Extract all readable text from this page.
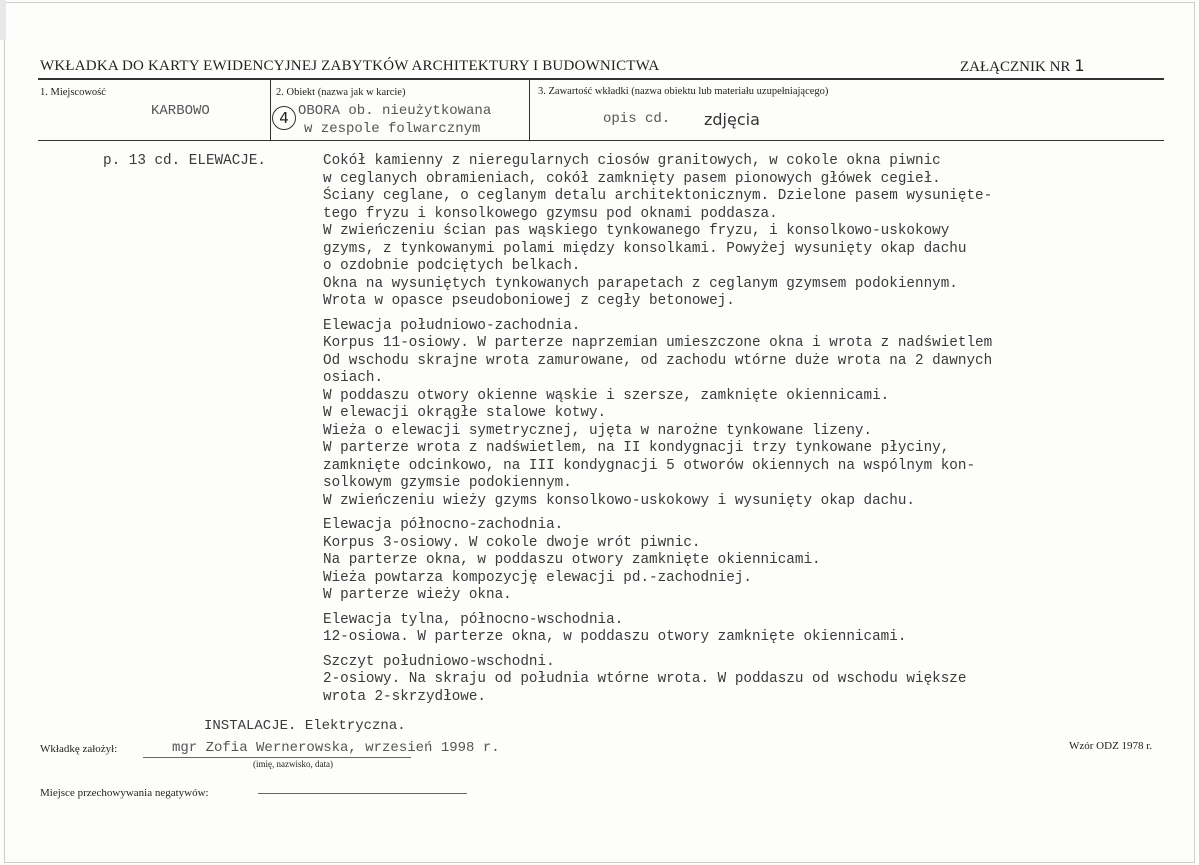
WKŁADKA DO KARTY EWIDENCYJNEJ ZABYTKÓW ARCHITEKTURY I BUDOWNICTWA	ZAŁĄCZNIK NR 1
1. Miejscowość
KARBOWO
2. Obiekt (nazwa jak w karcie)
4 OBORA ob. nieużytkowana
w zespole folwarcznym
3. Zawartość wkładki (nazwa obiektu lub materiału uzupełniającego)
opis cd. zdjęcia
p. 13 cd. ELEWACJE.	Cokół kamienny z nieregularnych ciosów granitowych, w cokole okna piwnic
w ceglanych obramieniach, cokół zamknięty pasem pionowych główek cegieł.
Ściany ceglane, o ceglanym detalu architektonicznym. Dzielone pasem wysunięte-
tego fryzu i konsolkowego gzymsu pod oknami poddasza.
W zwieńczeniu ścian pas wąskiego tynkowanego fryzu, i konsolkowo-uskokowy
gzyms, z tynkowanymi polami między konsolkami. Powyżej wysunięty okap dachu
o ozdobnie podciętych belkach.
Okna na wysuniętych tynkowanych parapetach z ceglanym gzymsem podokiennym.
Wrota w opasce pseudoboniowej z cegły betonowej.
Elewacja południowo-zachodnia.
Korpus 11-osiowy. W parterze naprzemian umieszczone okna i wrota z nadświetlem
Od wschodu skrajne wrota zamurowane, od zachodu wtórne duże wrota na 2 dawnych
osiach.
W poddaszu otwory okienne wąskie i szersze, zamknięte okiennicami.
W elewacji okrągłe stalowe kotwy.
Wieża o elewacji symetrycznej, ujęta w narożne tynkowane lizeny.
W parterze wrota z nadświetlem, na II kondygnacji trzy tynkowane płyciny,
zamknięte odcinkowo, na III kondygnacji 5 otworów okiennych na wspólnym kon-
solkowym gzymsie podokiennym.
W zwieńczeniu wieży gzyms konsolkowo-uskokowy i wysunięty okap dachu.
Elewacja północno-zachodnia.
Korpus 3-osiowy. W cokole dwoje wrót piwnic.
Na parterze okna, w poddaszu otwory zamknięte okiennicami.
Wieża powtarza kompozycję elewacji pd.-zachodniej.
W parterze wieży okna.
Elewacja tylna, północno-wschodnia.
12-osiowa. W parterze okna, w poddaszu otwory zamknięte okiennicami.
Szczyt południowo-wschodni.
2-osiowy. Na skraju od południa wtórne wrota. W poddaszu od wschodu większe
wrota 2-skrzydłowe.
INSTALACJE. Elektryczna.
Wkładkę założył:	mgr Zofia Wernerowska, wrzesień 1998 r.
(imię, nazwisko, data)
Wzór ODZ 1978 r.
Miejsce przechowywania negatywów:
